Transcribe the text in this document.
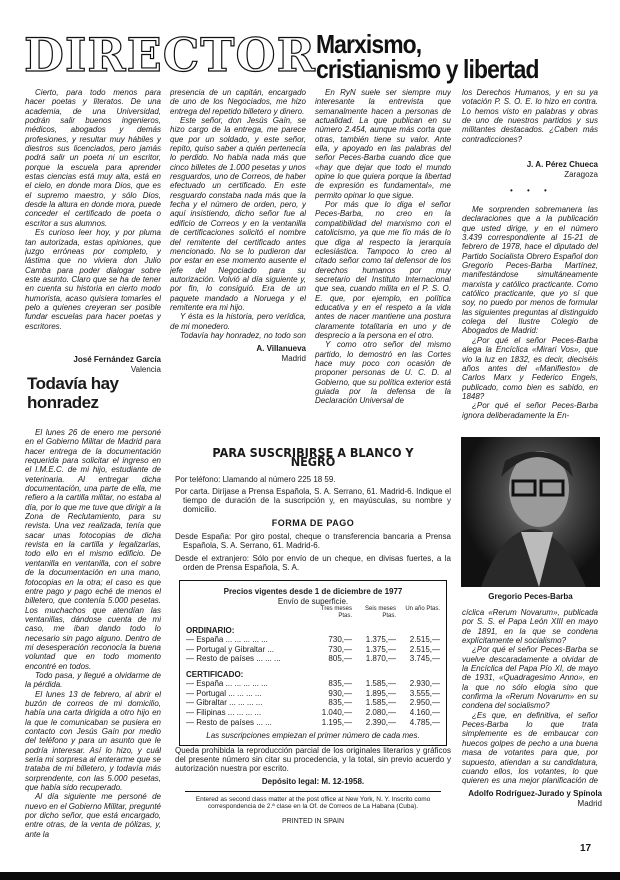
DIRECTOR Marxismo,
cristianismo y libertad

Cierto, para todo menos para hacer poetas y literatos. De una academia, de una Universidad, podrán salir buenos ingenieros, médicos, abogados y demás profesiones, y resultar muy hábiles y diestros sus licenciados, pero jamás podrá salir un poeta ni un escritor, porque la escuela para aprender estas ciencias está muy alta, está en el cielo, en donde mora Dios, que es el supremo maestro, y sólo Dios, desde la altura en donde mora, puede conceder el certificado de poeta o escritor a sus alumnos.

Es curioso leer hoy, y por pluma tan autorizada, estas opiniones, que juzgo erróneas por completo, y lástima que no viviera don Julio Camba para poder dialogar sobre este asunto. Claro que se ha de tener en cuenta su historia en cierto modo humorista, acaso quisiera tomarles el pelo a quienes creyeran ser posible fundar escuelas para hacer poetas y escritores.

José Fernández García
Valencia
Todavía hay honradez

El lunes 26 de enero me personé en el Gobierno Militar de Madrid para hacer entrega de la documentación requerida para solicitar el ingreso en el I.M.E.C. de mi hijo, estudiante de veterinaria. Al entregar dicha documentación, una parte de ella, me refiero a la cartilla militar, no estaba al día, por lo que me tuve que dirigir a la Zona de Reclutamiento, para su revista. Una vez realizada, tenía que sacar unas fotocopias de dicha revista en la cartilla y legalizarlas, todo ello en el mismo edificio. De ventanilla en ventanilla, con el sobre de la documentación en una mano, fotocopias en la otra; el caso es que entre pago y pago eché de menos el billetero, que contenía 5.000 pesetas. Los muchachos que atendían las ventanillas, dándose cuenta de mi caso, me iban dando todo lo necesario sin pago alguno. Dentro de mi desesperación reconocía la buena voluntad que en todo momento encontré en todos.

Todo pasa, y llegué a olvidarme de la pérdida.

El lunes 13 de febrero, al abrir el buzón de correos de mi domicilio, había una carta dirigida a otro hijo en la que le comunicaban se pusiera en contacto con Jesús Gaín por medio del teléfono y para un asunto que le podría interesar. Así lo hizo, y cuál sería mi sorpresa al enterarme que se trataba de mi billetero, y todavía más sorprendente, con las 5.000 pesetas, que había sido recuperado.

Al día siguiente me personé de nuevo en el Gobierno Militar, pregunté por dicho señor, que está encargado, entre otras, de la venta de pólizas, y, ante la

presencia de un capitán, encargado de uno de los Negociados, me hizo entrega del repetido billetero y dinero.

Este señor, don Jesús Gaín, se hizo cargo de la entrega, me parece que por un soldado, y este señor, repito, quiso saber a quién pertenecía lo perdido. No había nada más que cinco billetes de 1.000 pesetas y unos resguardos, uno de Correos, de haber efectuado un certificado. En este resguardo constaba nada más que la fecha y el número de orden, pero, y aquí insistiendo, dicho señor fue al edificio de Correos y en la ventanilla de certificaciones solicitó el nombre del remitente del certificado antes mencionado. No se lo pudieron dar por estar en ese momento ausente el jefe del Negociado para su autorización. Volvió al día siguiente y, por fin, lo consiguió. Era de un paquete mandado a Noruega y el remitente era mi hijo.

Y ésta es la historia, pero verídica, de mi monedero.

Todavía hay honradez, no todo son

A. Villanueva
Madrid

En RyN suele ser siempre muy interesante la entrevista que semanalmente hacen a personas de actualidad. La que publican en su número 2.454, aunque más corta que otras, también tiene su valor. Ante ella, y apoyado en las palabras del señor Peces-Barba cuando dice que «hay que dejar que todo el mundo opine lo que quiera porque la libertad de expresión es fundamental», me permito opinar lo que sigue.

Por más que lo diga el señor Peces-Barba, no creo en la compatibilidad del marxismo con el catolicismo, ya que me fío más de lo que diga al respecto la jerarquía eclesiástica. Tampoco lo creo al citado señor como tal defensor de los derechos humanos por muy secretario del Instituto Internacional que sea, cuando milita en el P. S. O. E. que, por ejemplo, en política educativa y en el respeto a la vida antes de nacer mantiene una postura claramente totalitaria en uno y de desprecio a la persona en el otro.

Y como otro señor del mismo partido, lo demostró en las Cortes hace muy poco con ocasión de proponer personas de U. C. D. al Gobierno, que su política exterior está guiada por la defensa de la Declaración Universal de

los Derechos Humanos, y en su ya votación P. S. O. E. lo hizo en contra. Lo hemos visto en palabras y obras de uno de nuestros partidos y sus militantes destacados. ¿Caben más contradicciones?

J. A. Pérez Chueca
Zaragoza
• • •

Me sorprenden sobremanera las declaraciones que a la publicación que usted dirige, y en el número 3.439 correspondiente al 15-21 de febrero de 1978, hace el diputado del Partido Socialista Obrero Español don Gregorio Peces-Barba Martínez, manifestándose simultáneamente marxista y católico practicante. Como católico practicante, que yo sí que soy, no puedo por menos de formular las siguientes preguntas al distinguido colega del Ilustre Colegio de Abogados de Madrid:

¿Por qué el señor Peces-Barba alega la Encíclica «Mirari Vos», que vio la luz en 1832, es decir, dieciséis años antes del «Manifiesto» de Carlos Marx y Federico Engels, publicado, como bien es sabido, en 1848?

¿Por qué el señor Peces-Barba ignora deliberadamente la En-

Gregorio Peces-Barba

cíclica «Rerum Novarum», publicada por S. S. el Papa León XIII en mayo de 1891, en la que se condena explícitamente el socialismo?

¿Por qué el señor Peces-Barba se vuelve descaradamente a olvidar de la Encíclica del Papa Pío XI, de mayo de 1931, «Quadragesimo Anno», en la que no sólo elogia sino que confirma la «Rerum Novarum» en su condena del socialismo?

¿Es que, en definitiva, el señor Peces-Barba lo que trata simplemente es de embaucar con huecos golpes de pecho a una buena masa de votantes para que, por supuesto, atiendan a su candidatura, cuando ellos, los votantes, lo que quieren es una mejor planificación de

Adolfo Rodríguez-Jurado y Spínola
Madrid
17
PARA SUSCRIBIRSE A BLANCO Y NEGRO

Por teléfono: Llamando al número 225 18 59.

Por carta. Diríjase a Prensa Española, S. A. Serrano, 61. Madrid-6. Indique el tiempo de duración de la suscripción y, en mayúsculas, su nombre y domicilio.

FORMA DE PAGO

Desde España: Por giro postal, cheque o transferencia bancaria a Prensa Española, S. A. Serrano, 61. Madrid-6.

Desde el extranjero: Sólo por envío de un cheque, en divisas fuertes, a la orden de Prensa Española, S. A.

Precios vigentes desde 1 de diciembre de 1977
Envío de superficie.
Tres meses Ptas.
Seis meses Ptas.
Un año Ptas.
ORDINARIO:
— España ... ... ... ... ...	730,—	1.375,—	2.515,—
— Portugal y Gibraltar ...	730,—	1.375,—	2.515,—
— Resto de países ... ... ...	805,—	1.870,—	3.745,—
CERTIFICADO:
— España ... ... ... ... ...	835,—	1.585,—	2.930,—
— Portugal ... ... ... ...	930,—	1.895,—	3.555,—
— Gibraltar ... ... ... ...	835,—	1.585,—	2.950,—
— Filipinas ... ... ... ...	1.040,—	2.080,—	4.160,—
— Resto de países ... ...	1.195,—	2.390,—	4.785,—
Las suscripciones empiezan el primer número de cada mes.

Queda prohibida la reproducción parcial de los originales literarios y gráficos del presente número sin citar su procedencia, y la total, sin previo acuerdo y autorización nuestra por escrito.

Depósito legal: M. 12-1958.
Entered as second class matter at the post office at New York, N. Y. Inscrito como correspondencia de 2.ª clase en la Of. de Correos de La Habana (Cuba).
PRINTED IN SPAIN
